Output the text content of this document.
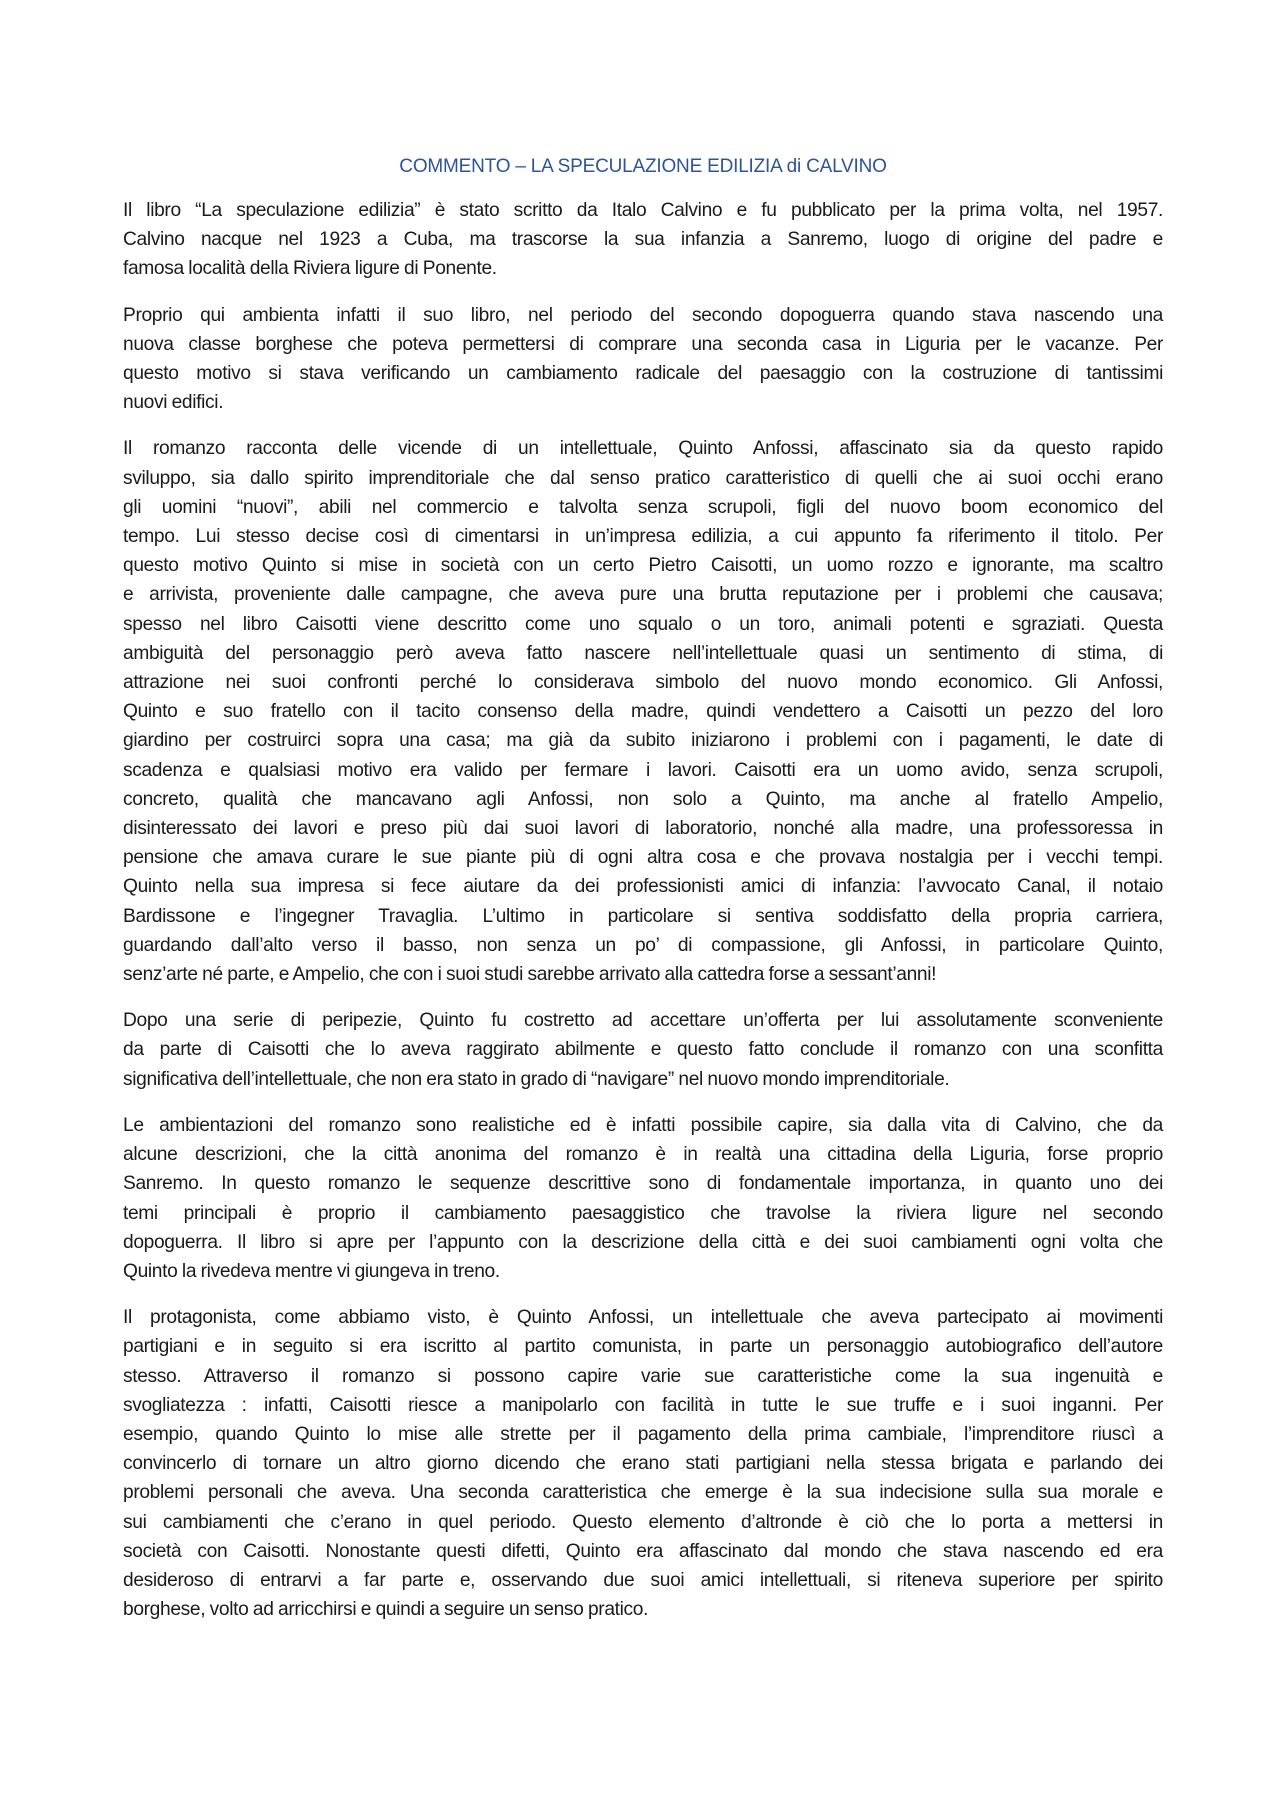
COMMENTO – LA SPECULAZIONE EDILIZIA di CALVINO

Il libro “La speculazione edilizia” è stato scritto da Italo Calvino e fu pubblicato per la prima volta, nel 1957.
Calvino nacque nel 1923 a Cuba, ma trascorse la sua infanzia a Sanremo, luogo di origine del padre e
famosa località della Riviera ligure di Ponente.

Proprio qui ambienta infatti il suo libro, nel periodo del secondo dopoguerra quando stava nascendo una
nuova classe borghese che poteva permettersi di comprare una seconda casa in Liguria per le vacanze. Per
questo motivo si stava verificando un cambiamento radicale del paesaggio con la costruzione di tantissimi
nuovi edifici.

Il romanzo racconta delle vicende di un intellettuale, Quinto Anfossi, affascinato sia da questo rapido
sviluppo, sia dallo spirito imprenditoriale che dal senso pratico caratteristico di quelli che ai suoi occhi erano
gli uomini “nuovi”, abili nel commercio e talvolta senza scrupoli, figli del nuovo boom economico del
tempo. Lui stesso decise così di cimentarsi in un’impresa edilizia, a cui appunto fa riferimento il titolo. Per
questo motivo Quinto si mise in società con un certo Pietro Caisotti, un uomo rozzo e ignorante, ma scaltro
e arrivista, proveniente dalle campagne, che aveva pure una brutta reputazione per i problemi che causava;
spesso nel libro Caisotti viene descritto come uno squalo o un toro, animali potenti e sgraziati. Questa
ambiguità del personaggio però aveva fatto nascere nell’intellettuale quasi un sentimento di stima, di
attrazione nei suoi confronti perché lo considerava simbolo del nuovo mondo economico. Gli Anfossi,
Quinto e suo fratello con il tacito consenso della madre, quindi vendettero a Caisotti un pezzo del loro
giardino per costruirci sopra una casa; ma già da subito iniziarono i problemi con i pagamenti, le date di
scadenza e qualsiasi motivo era valido per fermare i lavori. Caisotti era un uomo avido, senza scrupoli,
concreto, qualità che mancavano agli Anfossi, non solo a Quinto, ma anche al fratello Ampelio,
disinteressato dei lavori e preso più dai suoi lavori di laboratorio, nonché alla madre, una professoressa in
pensione che amava curare le sue piante più di ogni altra cosa e che provava nostalgia per i vecchi tempi.
Quinto nella sua impresa si fece aiutare da dei professionisti amici di infanzia: l’avvocato Canal, il notaio
Bardissone e l’ingegner Travaglia. L’ultimo in particolare si sentiva soddisfatto della propria carriera,
guardando dall’alto verso il basso, non senza un po’ di compassione, gli Anfossi, in particolare Quinto,
senz’arte né parte, e Ampelio, che con i suoi studi sarebbe arrivato alla cattedra forse a sessant’anni!

Dopo una serie di peripezie, Quinto fu costretto ad accettare un’offerta per lui assolutamente sconveniente
da parte di Caisotti che lo aveva raggirato abilmente e questo fatto conclude il romanzo con una sconfitta
significativa dell’intellettuale, che non era stato in grado di “navigare” nel nuovo mondo imprenditoriale.

Le ambientazioni del romanzo sono realistiche ed è infatti possibile capire, sia dalla vita di Calvino, che da
alcune descrizioni, che la città anonima del romanzo è in realtà una cittadina della Liguria, forse proprio
Sanremo. In questo romanzo le sequenze descrittive sono di fondamentale importanza, in quanto uno dei
temi principali è proprio il cambiamento paesaggistico che travolse la riviera ligure nel secondo
dopoguerra. Il libro si apre per l’appunto con la descrizione della città e dei suoi cambiamenti ogni volta che
Quinto la rivedeva mentre vi giungeva in treno.

Il protagonista, come abbiamo visto, è Quinto Anfossi, un intellettuale che aveva partecipato ai movimenti
partigiani e in seguito si era iscritto al partito comunista, in parte un personaggio autobiografico dell’autore
stesso. Attraverso il romanzo si possono capire varie sue caratteristiche come la sua ingenuità e
svogliatezza : infatti, Caisotti riesce a manipolarlo con facilità in tutte le sue truffe e i suoi inganni. Per
esempio, quando Quinto lo mise alle strette per il pagamento della prima cambiale, l’imprenditore riuscì a
convincerlo di tornare un altro giorno dicendo che erano stati partigiani nella stessa brigata e parlando dei
problemi personali che aveva. Una seconda caratteristica che emerge è la sua indecisione sulla sua morale e
sui cambiamenti che c’erano in quel periodo. Questo elemento d’altronde è ciò che lo porta a mettersi in
società con Caisotti. Nonostante questi difetti, Quinto era affascinato dal mondo che stava nascendo ed era
desideroso di entrarvi a far parte e, osservando due suoi amici intellettuali, si riteneva superiore per spirito
borghese, volto ad arricchirsi e quindi a seguire un senso pratico.
